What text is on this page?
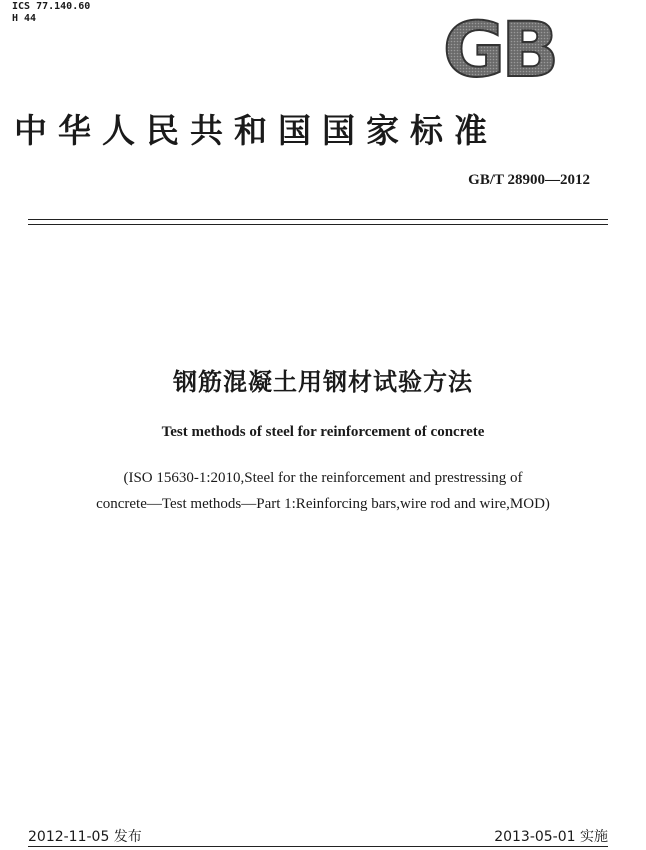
ICS 77.140.60
H 44	GB
中华人民共和国国家标准
GB/T 28900—2012
钢筋混凝土用钢材试验方法
Test methods of steel for reinforcement of concrete
(ISO 15630-1:2010,Steel for the reinforcement and prestressing of
concrete—Test methods—Part 1:Reinforcing bars,wire rod and wire,MOD)
2012-11-05 发布	2013-05-01 实施
